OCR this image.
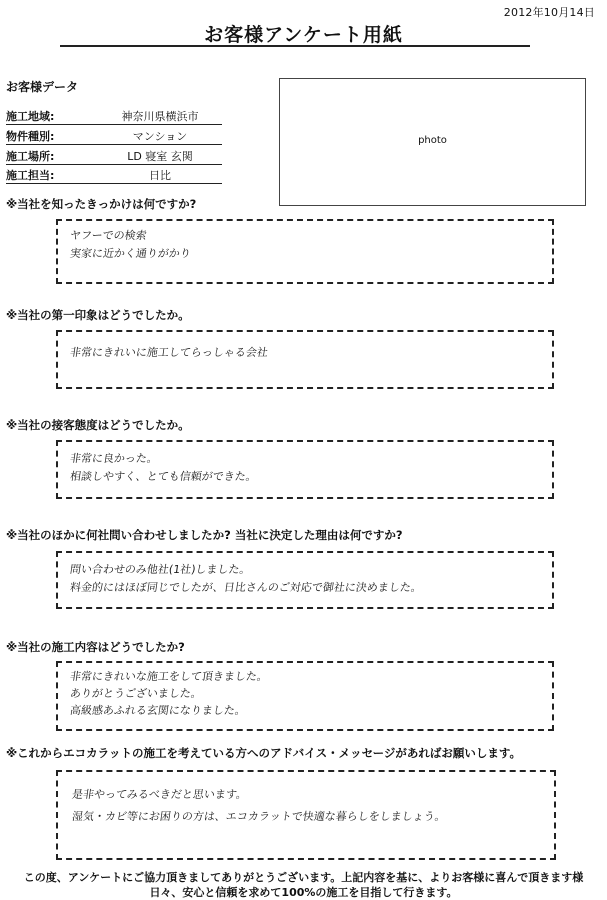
2012年10月14日
お客様アンケート用紙
お客様データ
施工地域:	神奈川県横浜市
物件種別:	マンション
施工場所:	LD 寝室 玄関
施工担当:	日比
photo
※当社を知ったきっかけは何ですか?
ヤフーでの検索
実家に近かく通りがかり
※当社の第一印象はどうでしたか。
非常にきれいに施工してらっしゃる会社
※当社の接客態度はどうでしたか。
非常に良かった。
相談しやすく、とても信頼ができた。
※当社のほかに何社問い合わせしましたか? 当社に決定した理由は何ですか?
問い合わせのみ他社(1社)しました。
料金的にはほぼ同じでしたが、日比さんのご対応で御社に決めました。
※当社の施工内容はどうでしたか?
非常にきれいな施工をして頂きました。
ありがとうございました。
高級感あふれる玄関になりました。
※これからエコカラットの施工を考えている方へのアドバイス・メッセージがあればお願いします。
是非やってみるべきだと思います。
湿気・カビ等にお困りの方は、エコカラットで快適な暮らしをしましょう。
この度、アンケートにご協力頂きましてありがとうございます。上記内容を基に、よりお客様に喜んで頂きます様
日々、安心と信頼を求めて100%の施工を目指して行きます。
